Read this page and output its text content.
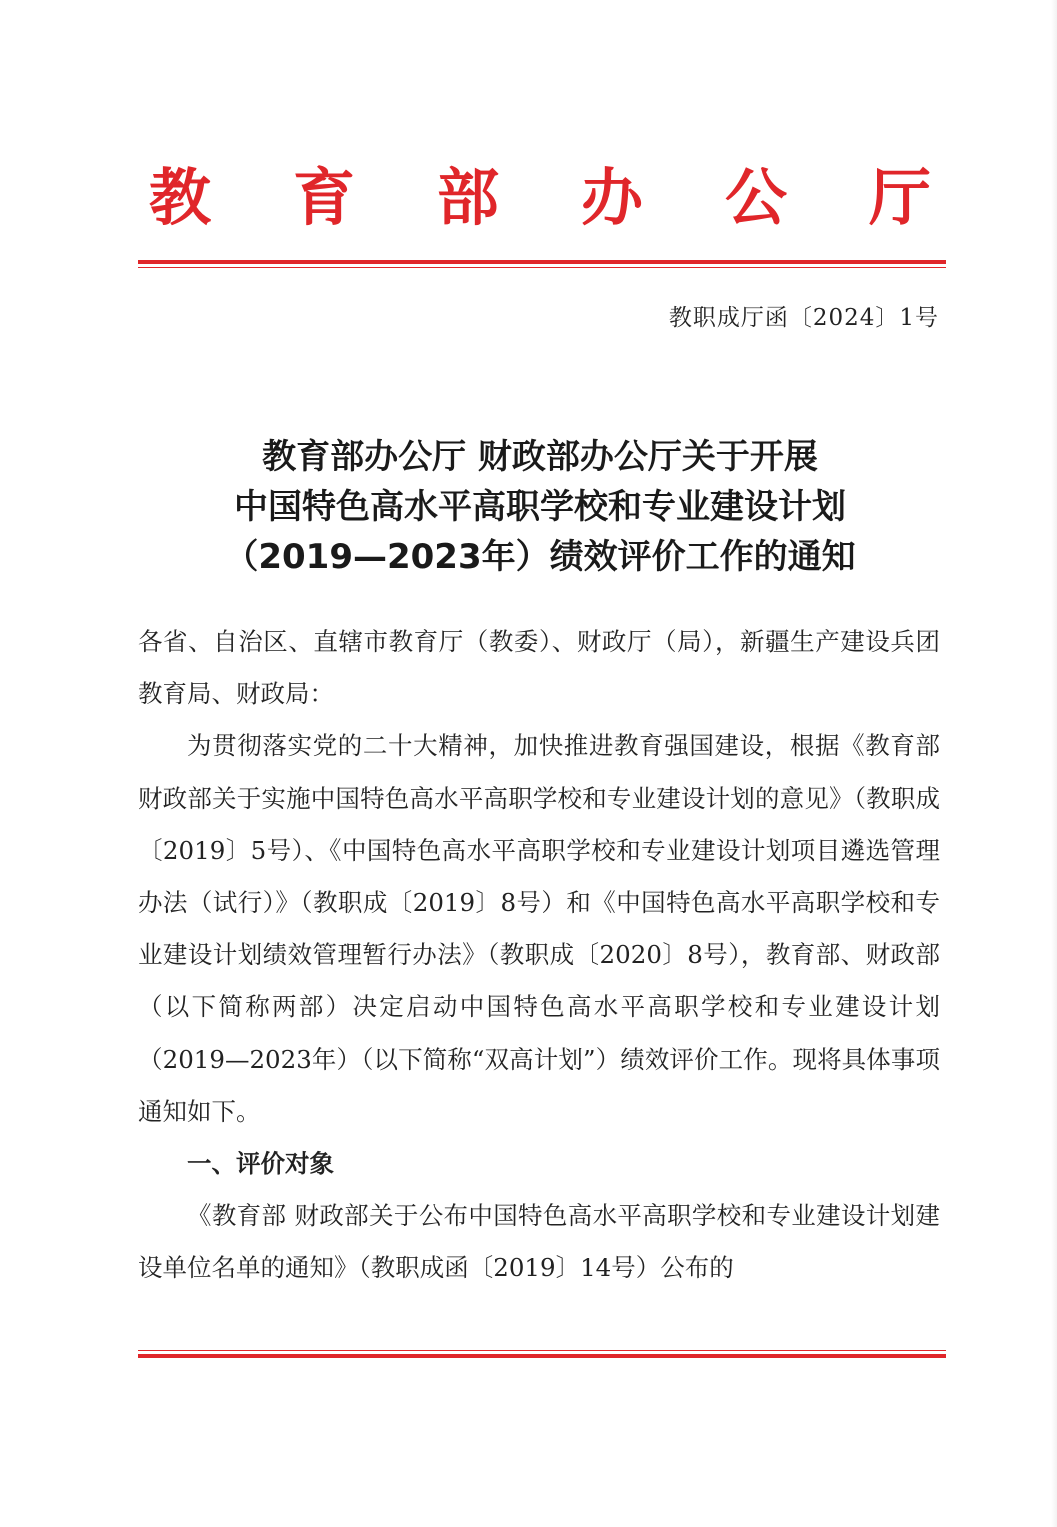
教 育 部 办 公 厅
教职成厅函〔2024〕1号
教育部办公厅 财政部办公厅关于开展
中国特色高水平高职学校和专业建设计划
（2019—2023年）绩效评价工作的通知

各省、自治区、直辖市教育厅（教委）、财政厅（局），新疆生产建设兵团教育局、财政局：

为贯彻落实党的二十大精神，加快推进教育强国建设，根据《教育部 财政部关于实施中国特色高水平高职学校和专业建设计划的意见》（教职成〔2019〕5号）、《中国特色高水平高职学校和专业建设计划项目遴选管理办法（试行）》（教职成〔2019〕8号）和《中国特色高水平高职学校和专业建设计划绩效管理暂行办法》（教职成〔2020〕8号），教育部、财政部（以下简称两部）决定启动中国特色高水平高职学校和专业建设计划（2019—2023年）（以下简称“双高计划”）绩效评价工作。现将具体事项通知如下。

一、评价对象

《教育部 财政部关于公布中国特色高水平高职学校和专业建设计划建设单位名单的通知》（教职成函〔2019〕14号）公布的
